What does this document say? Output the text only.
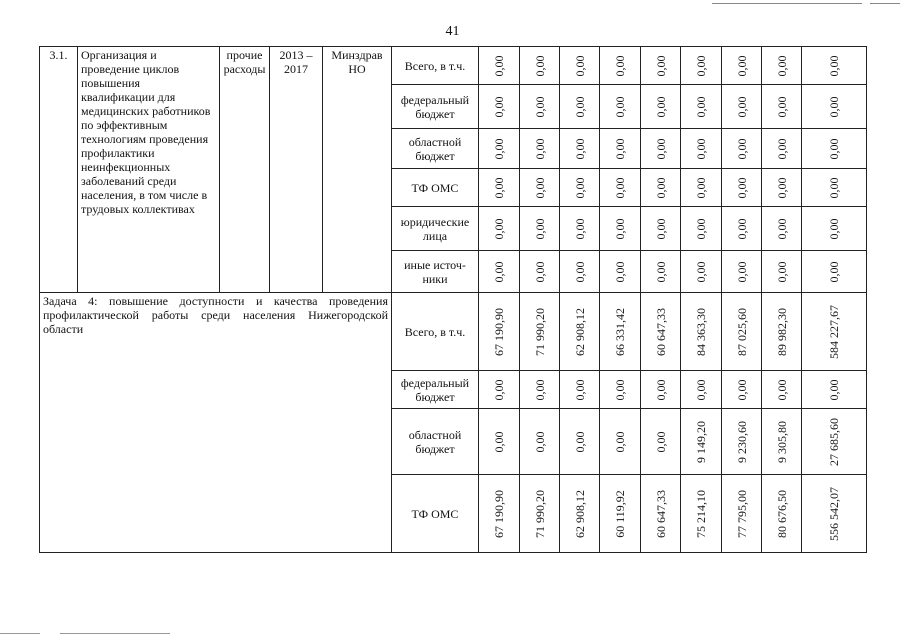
41
3.1.	Организация и проведение циклов повышения квалификации для медицинских работников по эффективным технологиям проведения профилактики неинфекционных заболеваний среди населения, в том числе в трудовых коллективах	прочие расходы	2013 – 2017	Минздрав НО	Всего, в т.ч.	0,00	0,00	0,00	0,00	0,00	0,00	0,00	0,00	0,00

					федеральный бюджет	0,00	0,00	0,00	0,00	0,00	0,00	0,00	0,00	0,00

					областной бюджет	0,00	0,00	0,00	0,00	0,00	0,00	0,00	0,00	0,00

					ТФ ОМС	0,00	0,00	0,00	0,00	0,00	0,00	0,00	0,00	0,00

					юридические лица	0,00	0,00	0,00	0,00	0,00	0,00	0,00	0,00	0,00

					иные источ-ники	0,00	0,00	0,00	0,00	0,00	0,00	0,00	0,00	0,00

Задача 4: повышение доступности и качества проведения профилактической работы среди населения Нижегородской области					Всего, в т.ч.	67 190,90	71 990,20	62 908,12	66 331,42	60 647,33	84 363,30	87 025,60	89 982,30	584 227,67

					федеральный бюджет	0,00	0,00	0,00	0,00	0,00	0,00	0,00	0,00	0,00

					областной бюджет	0,00	0,00	0,00	0,00	0,00	9 149,20	9 230,60	9 305,80	27 685,60

					ТФ ОМС	67 190,90	71 990,20	62 908,12	60 119,92	60 647,33	75 214,10	77 795,00	80 676,50	556 542,07
